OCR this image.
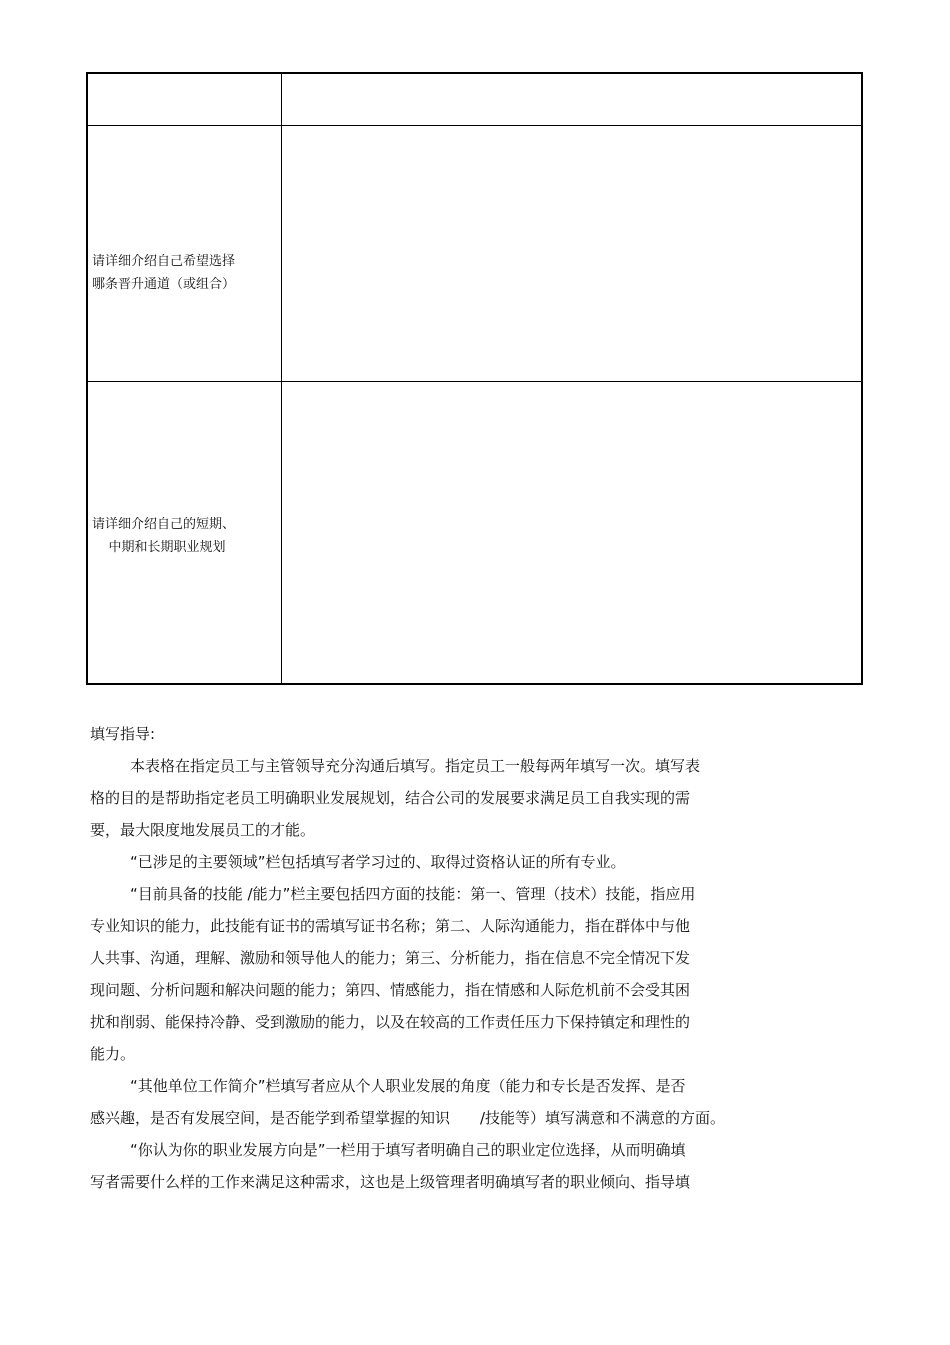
请详细介绍自己希望选择
哪条晋升通道（或组合）
请详细介绍自己的短期、
中期和长期职业规划

填写指导:

本表格在指定员工与主管领导充分沟通后填写。指定员工一般每两年填写一次。填写表
格的目的是帮助指定老员工明确职业发展规划，结合公司的发展要求满足员工自我实现的需
要，最大限度地发展员工的才能。

“已涉足的主要领域”栏包括填写者学习过的、取得过资格认证的所有专业。

“目前具备的技能 /能力”栏主要包括四方面的技能：第一、管理（技术）技能，指应用
专业知识的能力，此技能有证书的需填写证书名称；第二、人际沟通能力，指在群体中与他
人共事、沟通，理解、激励和领导他人的能力；第三、分析能力，指在信息不完全情况下发
现问题、分析问题和解决问题的能力；第四、情感能力，指在情感和人际危机前不会受其困
扰和削弱、能保持冷静、受到激励的能力，以及在较高的工作责任压力下保持镇定和理性的
能力。

“其他单位工作简介”栏填写者应从个人职业发展的角度（能力和专长是否发挥、是否
感兴趣，是否有发展空间，是否能学到希望掌握的知识　　/技能等）填写满意和不满意的方面。

“你认为你的职业发展方向是”一栏用于填写者明确自己的职业定位选择，从而明确填
写者需要什么样的工作来满足这种需求，这也是上级管理者明确填写者的职业倾向、指导填
